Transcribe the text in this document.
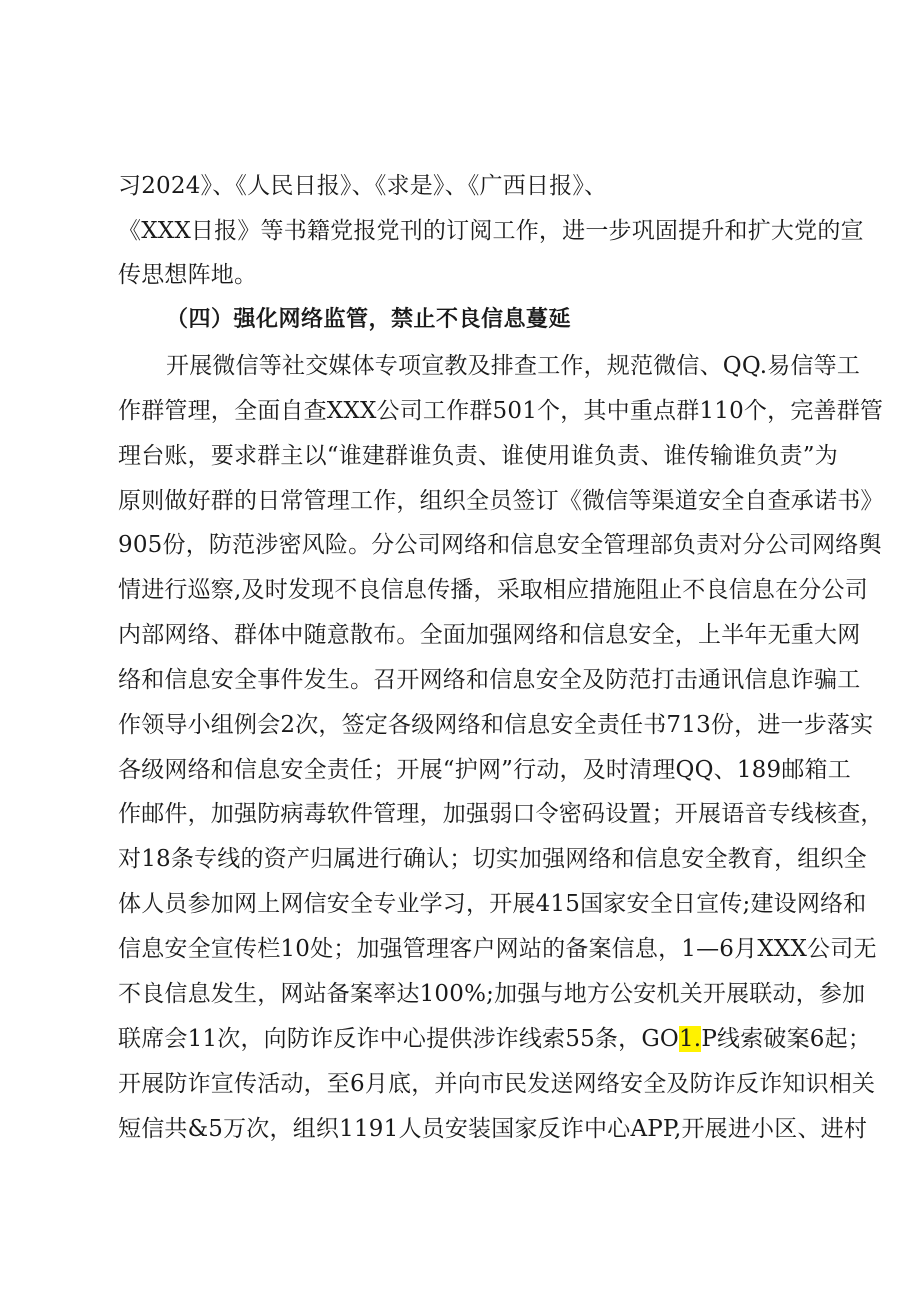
习2024》、《人民日报》、《求是》、《广西日报》、
《XXX日报》等书籍党报党刊的订阅工作，进一步巩固提升和扩大党的宣
传思想阵地。
（四）强化网络监管，禁止不良信息蔓延
开展微信等社交媒体专项宣教及排查工作，规范微信、QQ.易信等工
作群管理，全面自查XXX公司工作群501个，其中重点群110个，完善群管
理台账，要求群主以“谁建群谁负责、谁使用谁负责、谁传输谁负责”为
原则做好群的日常管理工作，组织全员签订《微信等渠道安全自查承诺书》
905份，防范涉密风险。分公司网络和信息安全管理部负责对分公司网络舆
情进行巡察,及时发现不良信息传播，采取相应措施阻止不良信息在分公司
内部网络、群体中随意散布。全面加强网络和信息安全，上半年无重大网
络和信息安全事件发生。召开网络和信息安全及防范打击通讯信息诈骗工
作领导小组例会2次，签定各级网络和信息安全责任书713份，进一步落实
各级网络和信息安全责任；开展“护网”行动，及时清理QQ、189邮箱工
作邮件，加强防病毒软件管理，加强弱口令密码设置；开展语音专线核查，
对18条专线的资产归属进行确认；切实加强网络和信息安全教育，组织全
体人员参加网上网信安全专业学习，开展415国家安全日宣传;建设网络和
信息安全宣传栏10处；加强管理客户网站的备案信息，1—6月XXX公司无
不良信息发生，网站备案率达100%;加强与地方公安机关开展联动，参加
联席会11次，向防诈反诈中心提供涉诈线索55条，GO1.P线索破案6起；
开展防诈宣传活动，至6月底，并向市民发送网络安全及防诈反诈知识相关
短信共&5万次，组织1191人员安装国家反诈中心APP,开展进小区、进村
